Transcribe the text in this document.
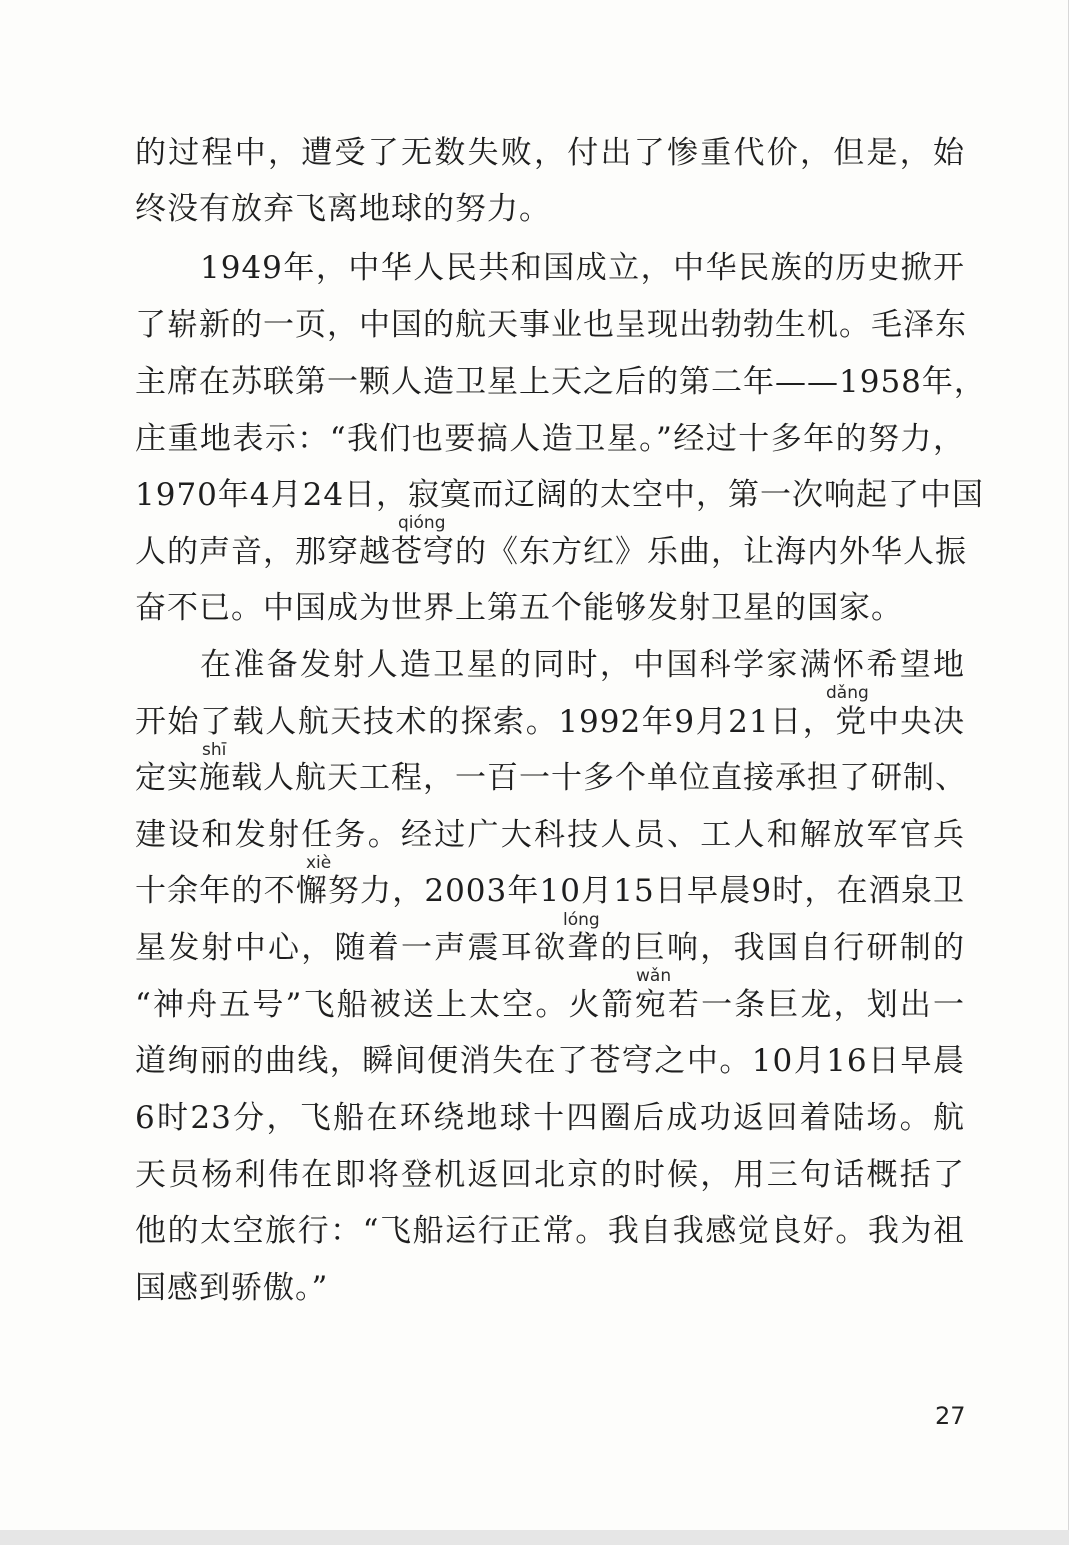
的过程中，遭受了无数失败，付出了惨重代价，但是，始
终没有放弃飞离地球的努力。
1949年，中华人民共和国成立，中华民族的历史掀开
了崭新的一页，中国的航天事业也呈现出勃勃生机。毛泽东
主席在苏联第一颗人造卫星上天之后的第二年——1958年，
庄重地表示：“我们也要搞人造卫星。”经过十多年的努力，
1970年4月24日，寂寞而辽阔的太空中，第一次响起了中国
qióng
人的声音，那穿越苍穹的《东方红》乐曲，让海内外华人振
奋不已。中国成为世界上第五个能够发射卫星的国家。
在准备发射人造卫星的同时，中国科学家满怀希望地
dǎng
开始了载人航天技术的探索。1992年9月21日，党中央决
shī
定实施载人航天工程，一百一十多个单位直接承担了研制、
建设和发射任务。经过广大科技人员、工人和解放军官兵
xiè
十余年的不懈努力，2003年10月15日早晨9时，在酒泉卫
lóng
星发射中心，随着一声震耳欲聋的巨响，我国自行研制的
wǎn
“神舟五号”飞船被送上太空。火箭宛若一条巨龙，划出一
道绚丽的曲线，瞬间便消失在了苍穹之中。10月16日早晨
6时23分，飞船在环绕地球十四圈后成功返回着陆场。航
天员杨利伟在即将登机返回北京的时候，用三句话概括了
他的太空旅行：“飞船运行正常。我自我感觉良好。我为祖
国感到骄傲。”
27
